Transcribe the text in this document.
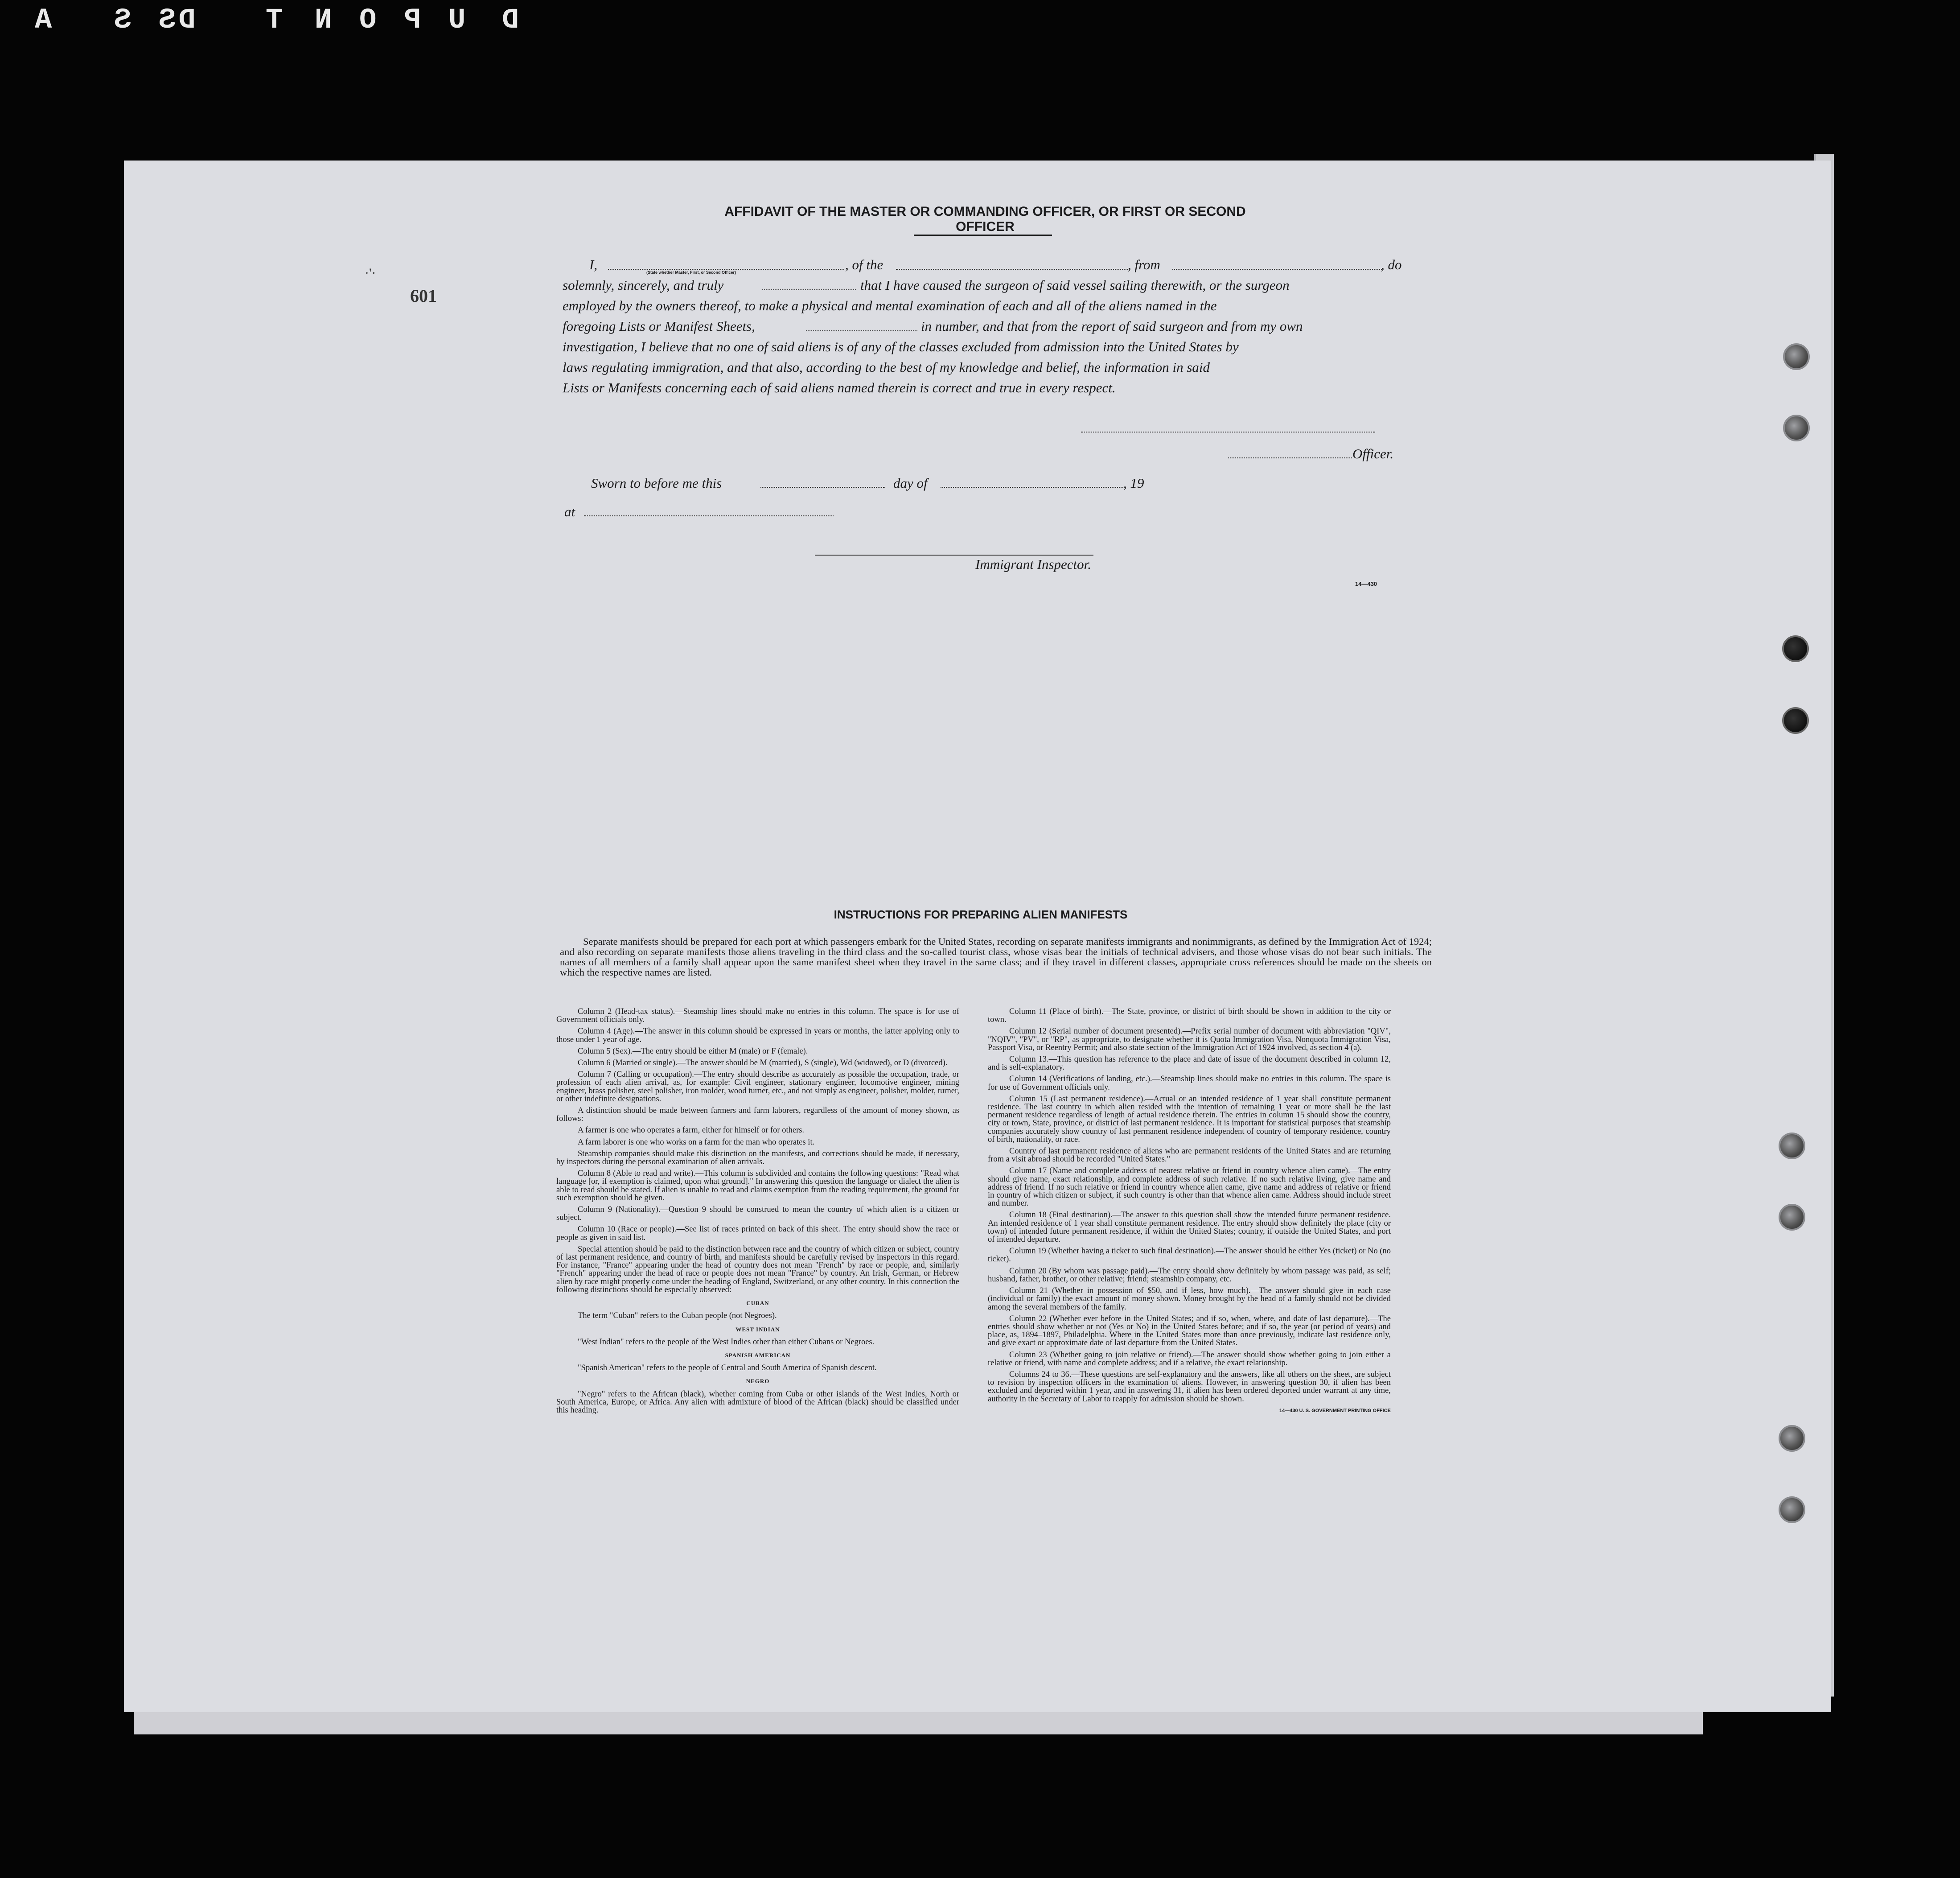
A S DS T N O P U D
601
·'·
AFFIDAVIT OF THE MASTER OR COMMANDING OFFICER, OR FIRST OR SECOND OFFICER
I,	, of the	, from	, do
(State whether Master, First, or Second Officer)
solemnly, sincerely, and truly	that I have caused the surgeon of said vessel sailing therewith, or the surgeon
employed by the owners thereof, to make a physical and mental examination of each and all of the aliens named in the
foregoing Lists or Manifest Sheets,	in number, and that from the report of said surgeon and from my own
investigation, I believe that no one of said aliens is of any of the classes excluded from admission into the United States by
laws regulating immigration, and that also, according to the best of my knowledge and belief, the information in said
Lists or Manifests concerning each of said aliens named therein is correct and true in every respect.
Officer.
Sworn to before me this	day of	, 19
at
Immigrant Inspector.
14—430
INSTRUCTIONS FOR PREPARING ALIEN MANIFESTS
Separate manifests should be prepared for each port at which passengers embark for the United States, recording on separate manifests immigrants and nonimmigrants, as defined by the Immigration Act of 1924; and also recording on separate manifests those aliens traveling in the third class and the so-called tourist class, whose visas bear the initials of technical advisers, and those whose visas do not bear such initials. The names of all members of a family shall appear upon the same manifest sheet when they travel in the same class; and if they travel in different classes, appropriate cross references should be made on the sheets on which the respective names are listed.

Column 2 (Head-tax status).—Steamship lines should make no entries in this column. The space is for use of Government officials only.

Column 4 (Age).—The answer in this column should be expressed in years or months, the latter applying only to those under 1 year of age.

Column 5 (Sex).—The entry should be either M (male) or F (female).

Column 6 (Married or single).—The answer should be M (married), S (single), Wd (widowed), or D (divorced).

Column 7 (Calling or occupation).—The entry should describe as accurately as possible the occupation, trade, or profession of each alien arrival, as, for example: Civil engineer, stationary engineer, locomotive engineer, mining engineer, brass polisher, steel polisher, iron molder, wood turner, etc., and not simply as engineer, polisher, molder, turner, or other indefinite designations.

A distinction should be made between farmers and farm laborers, regardless of the amount of money shown, as follows:

A farmer is one who operates a farm, either for himself or for others.

A farm laborer is one who works on a farm for the man who operates it.

Steamship companies should make this distinction on the manifests, and corrections should be made, if necessary, by inspectors during the personal examination of alien arrivals.

Column 8 (Able to read and write).—This column is subdivided and contains the following questions: "Read what language [or, if exemption is claimed, upon what ground]." In answering this question the language or dialect the alien is able to read should be stated. If alien is unable to read and claims exemption from the reading requirement, the ground for such exemption should be given.

Column 9 (Nationality).—Question 9 should be construed to mean the country of which alien is a citizen or subject.

Column 10 (Race or people).—See list of races printed on back of this sheet. The entry should show the race or people as given in said list.

Special attention should be paid to the distinction between race and the country of which citizen or subject, country of last permanent residence, and country of birth, and manifests should be carefully revised by inspectors in this regard. For instance, "France" appearing under the head of country does not mean "French" by race or people, and, similarly "French" appearing under the head of race or people does not mean "France" by country. An Irish, German, or Hebrew alien by race might properly come under the heading of England, Switzerland, or any other country. In this connection the following distinctions should be especially observed:

CUBAN

The term "Cuban" refers to the Cuban people (not Negroes).

WEST INDIAN

"West Indian" refers to the people of the West Indies other than either Cubans or Negroes.

SPANISH AMERICAN

"Spanish American" refers to the people of Central and South America of Spanish descent.

NEGRO

"Negro" refers to the African (black), whether coming from Cuba or other islands of the West Indies, North or South America, Europe, or Africa. Any alien with admixture of blood of the African (black) should be classified under this heading.

Column 11 (Place of birth).—The State, province, or district of birth should be shown in addition to the city or town.

Column 12 (Serial number of document presented).—Prefix serial number of document with abbreviation "QIV", "NQIV", "PV", or "RP", as appropriate, to designate whether it is Quota Immigration Visa, Nonquota Immigration Visa, Passport Visa, or Reentry Permit; and also state section of the Immigration Act of 1924 involved, as section 4 (a).

Column 13.—This question has reference to the place and date of issue of the document described in column 12, and is self-explanatory.

Column 14 (Verifications of landing, etc.).—Steamship lines should make no entries in this column. The space is for use of Government officials only.

Column 15 (Last permanent residence).—Actual or an intended residence of 1 year shall constitute permanent residence. The last country in which alien resided with the intention of remaining 1 year or more shall be the last permanent residence regardless of length of actual residence therein. The entries in column 15 should show the country, city or town, State, province, or district of last permanent residence. It is important for statistical purposes that steamship companies accurately show country of last permanent residence independent of country of temporary residence, country of birth, nationality, or race.

Country of last permanent residence of aliens who are permanent residents of the United States and are returning from a visit abroad should be recorded "United States."

Column 17 (Name and complete address of nearest relative or friend in country whence alien came).—The entry should give name, exact relationship, and complete address of such relative. If no such relative living, give name and address of friend. If no such relative or friend in country whence alien came, give name and address of relative or friend in country of which citizen or subject, if such country is other than that whence alien came. Address should include street and number.

Column 18 (Final destination).—The answer to this question shall show the intended future permanent residence. An intended residence of 1 year shall constitute permanent residence. The entry should show definitely the place (city or town) of intended future permanent residence, if within the United States; country, if outside the United States, and port of intended departure.

Column 19 (Whether having a ticket to such final destination).—The answer should be either Yes (ticket) or No (no ticket).

Column 20 (By whom was passage paid).—The entry should show definitely by whom passage was paid, as self; husband, father, brother, or other relative; friend; steamship company, etc.

Column 21 (Whether in possession of $50, and if less, how much).—The answer should give in each case (individual or family) the exact amount of money shown. Money brought by the head of a family should not be divided among the several members of the family.

Column 22 (Whether ever before in the United States; and if so, when, where, and date of last departure).—The entries should show whether or not (Yes or No) in the United States before; and if so, the year (or period of years) and place, as, 1894–1897, Philadelphia. Where in the United States more than once previously, indicate last residence only, and give exact or approximate date of last departure from the United States.

Column 23 (Whether going to join relative or friend).—The answer should show whether going to join either a relative or friend, with name and complete address; and if a relative, the exact relationship.

Columns 24 to 36.—These questions are self-explanatory and the answers, like all others on the sheet, are subject to revision by inspection officers in the examination of aliens. However, in answering question 30, if alien has been excluded and deported within 1 year, and in answering 31, if alien has been ordered deported under warrant at any time, authority in the Secretary of Labor to reapply for admission should be shown.

14—430 U. S. GOVERNMENT PRINTING OFFICE
